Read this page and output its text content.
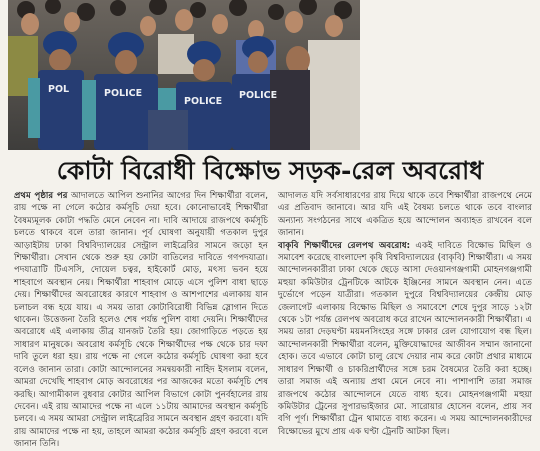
POL	POLICE
POLICE
POLICE
কোটা বিরোধী বিক্ষোভ সড়ক-রেল অবরোধ

প্রথম পৃষ্ঠার পর আদালতে আপিল শুনানির আগের দিন শিক্ষার্থীরা বলেন, রায় পক্ষে না গেলে কঠোর কর্মসূচি দেয়া হবে। কোনোভাবেই শিক্ষার্থীরা বৈষম্যমূলক কোটা পদ্ধতি মেনে নেবেন না। দাবি আদায়ে রাজপথে কর্মসূচি চলতে থাকবে বলে তারা জানান। পূর্ব ঘোষণা অনুযায়ী গতকাল দুপুর আড়াইটায় ঢাকা বিশ্ববিদ্যালয়ের সেন্ট্রাল লাইব্রেরির সামনে জড়ো হন শিক্ষার্থীরা। সেখান থেকে শুরু হয় কোটা বাতিলের দাবিতে গণপদযাত্রা। পদযাত্রাটি টিএসসি, দোয়েল চত্বর, হাইকোর্ট মোড়, মৎস্য ভবন হয়ে শাহবাগে অবস্থান নেয়। শিক্ষার্থীরা শাহবাগ মোড়ে এসে পুলিশ বাধা ছাড়ে দেয়। শিক্ষার্থীদের অবরোধের কারণে শাহবাগ ও আশপাশের এলাকায় যান চলাচল বন্ধ হয়ে যায়। এ সময় তারা কোটাবিরোধী বিভিন্ন স্লোগান দিতে থাকেন। উত্তেজনা তৈরি হলেও শেষ পর্যন্ত পুলিশ বাধা দেয়নি। শিক্ষার্থীদের অবরোধে এই এলাকায় তীব্র যানজট তৈরি হয়। জোগাড়িতে পড়তে হয় সাধারণ মানুষকে। অবরোধ কর্মসূচি থেকে শিক্ষার্থীদের পক্ষ থেকে চার দফা দাবি তুলে ধরা হয়। রায় পক্ষে না গেলে কঠোর কর্মসূচি ঘোষণা করা হবে বলেও জানান তারা। কোটা আন্দোলনের সমন্বয়কারী নাহিদ ইসলাম বলেন, আমরা দেখেছি শাহবাগ মোড় অবরোধের পর আজকের মতো কর্মসূচি শেষ করছি। আগামীকাল বুধবার কোটার আপিল বিভাগে কোটা পুনর্বহালের রায় দেবেন। এই রায় আমাদের পক্ষে না এলে ১১টায় আমাদের অবস্থান কর্মসূচি চলবে। এ সময় আমরা সেন্ট্রাল লাইব্রেরির সামনে অবস্থান গ্রহণ করবো। যদি রায় আমাদের পক্ষে না হয়, তাহলে আমরা কঠোর কর্মসূচি গ্রহণ করবো বলে জানান তিনি।

আদালত যদি সর্বসাধারণের রায় দিয়ে থাকে তবে শিক্ষার্থীরা রাজপথে নেমে এর প্রতিবাদ জানাবে। আর যদি এই বৈষম্য চলতে থাকে তবে বাংলার অন্যান্য সংগঠনের সাথে একত্রিত হয়ে আন্দোলন অব্যাহত রাখবেন বলে জানান।

বাকৃবি শিক্ষার্থীদের রেলপথ অবরোধ: একই দাবিতে বিক্ষোভ মিছিল ও সমাবেশ করেছে বাংলাদেশ কৃষি বিশ্ববিদ্যালয়ের (বাকৃবি) শিক্ষার্থীরা। এ সময় আন্দোলনকারীরা ঢাকা থেকে ছেড়ে আসা দেওয়ানগঞ্জগামী মোহনগঞ্জগামী মহুয়া কমিউটার ট্রেনটিকে আটকে ইঞ্জিনের সামনে অবস্থান নেন। এতে দুর্ভোগে পড়েন যাত্রীরা। গতকাল দুপুরে বিশ্ববিদ্যালয়ের কেন্দ্রীয় মোড় জেলাগেট এলাকায় বিক্ষোভ মিছিল ও সমাবেশে শেষে দুপুর সাড়ে ১২টা থেকে ১টা পর্যন্ত রেলপথ অবরোধ করে রাখেন আন্দোলনকারী শিক্ষার্থীরা। এ সময় তারা দেড়ঘণ্টা ময়মনসিংহের সঙ্গে ঢাকার রেল যোগাযোগ বন্ধ ছিল। আন্দোলনকারী শিক্ষার্থীরা বলেন, মুক্তিযোদ্ধাদের আজীবন সম্মান জানানো হোক। তবে এভাবে কোটা চালু রেখে দেয়ার নাম করে কোটা প্রথার মাধ্যমে সাধারণ শিক্ষার্থী ও চাকরিপ্রার্থীদের সঙ্গে চরম বৈষম্যের তৈরি করা হচ্ছে। তারা সমাজ এই অন্যায় প্রথা মেনে নেবে না। পাশাপাশি তারা সমাজ রাজপথে কঠোর আন্দোলনে যেতে বাধ্য হবে। মোহনগঞ্জগামী মহুয়া কমিউটার ট্রেনের সুপারভাইজার মো. সারোয়ার হোসেন বলেন, প্রায় সব বগি পূর্ণ। শিক্ষার্থীরা ট্রেন থামাতে বাধ্য করেন। এ সময় আন্দোলনকারীদের বিক্ষোভের মুখে প্রায় এক ঘণ্টা ট্রেনটি আটকা ছিল।
